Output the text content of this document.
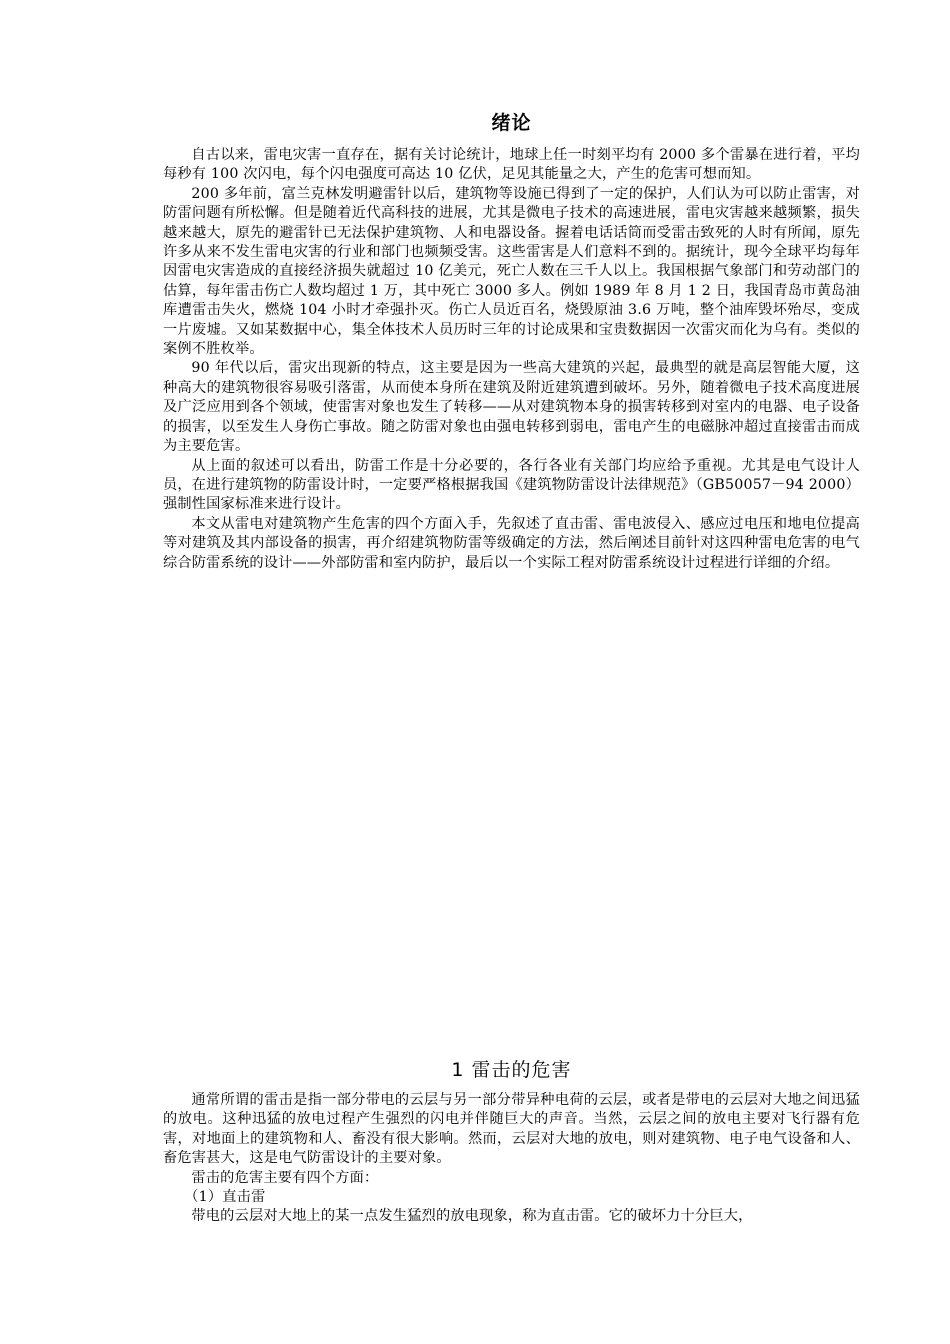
绪论

自古以来，雷电灾害一直存在，据有关讨论统计，地球上任一时刻平均有 2000 多个雷暴在进行着，平均每秒有 100 次闪电，每个闪电强度可高达 10 亿伏，足见其能量之大，产生的危害可想而知。

200 多年前，富兰克林发明避雷针以后，建筑物等设施已得到了一定的保护，人们认为可以防止雷害，对防雷问题有所松懈。但是随着近代高科技的进展，尤其是微电子技术的高速进展，雷电灾害越来越频繁，损失越来越大，原先的避雷针已无法保护建筑物、人和电器设备。握着电话话筒而受雷击致死的人时有所闻，原先许多从来不发生雷电灾害的行业和部门也频频受害。这些雷害是人们意料不到的。据统计，现今全球平均每年因雷电灾害造成的直接经济损失就超过 10 亿美元，死亡人数在三千人以上。我国根据气象部门和劳动部门的估算，每年雷击伤亡人数均超过 1 万，其中死亡 3000 多人。例如 1989 年 8 月 1 2 日，我国青岛市黄岛油库遭雷击失火，燃烧 104 小时才牵强扑灭。伤亡人员近百名，烧毁原油 3.6 万吨，整个油库毁坏殆尽，变成一片废墟。又如某数据中心，集全体技术人员历时三年的讨论成果和宝贵数据因一次雷灾而化为乌有。类似的案例不胜枚举。

90 年代以后，雷灾出现新的特点，这主要是因为一些高大建筑的兴起，最典型的就是高层智能大厦，这种高大的建筑物很容易吸引落雷，从而使本身所在建筑及附近建筑遭到破坏。另外，随着微电子技术高度进展及广泛应用到各个领域，使雷害对象也发生了转移——从对建筑物本身的损害转移到对室内的电器、电子设备的损害，以至发生人身伤亡事故。随之防雷对象也由强电转移到弱电，雷电产生的电磁脉冲超过直接雷击而成为主要危害。

从上面的叙述可以看出，防雷工作是十分必要的，各行各业有关部门均应给予重视。尤其是电气设计人员，在进行建筑物的防雷设计时，一定要严格根据我国《建筑物防雷设计法律规范》（GB50057－94 2000）强制性国家标准来进行设计。

本文从雷电对建筑物产生危害的四个方面入手，先叙述了直击雷、雷电波侵入、感应过电压和地电位提高等对建筑及其内部设备的损害，再介绍建筑物防雷等级确定的方法，然后阐述目前针对这四种雷电危害的电气综合防雷系统的设计——外部防雷和室内防护，最后以一个实际工程对防雷系统设计过程进行详细的介绍。

1 雷击的危害

通常所谓的雷击是指一部分带电的云层与另一部分带异种电荷的云层，或者是带电的云层对大地之间迅猛的放电。这种迅猛的放电过程产生强烈的闪电并伴随巨大的声音。当然，云层之间的放电主要对飞行器有危害，对地面上的建筑物和人、畜没有很大影响。然而，云层对大地的放电，则对建筑物、电子电气设备和人、畜危害甚大，这是电气防雷设计的主要对象。

雷击的危害主要有四个方面：

（1）直击雷

带电的云层对大地上的某一点发生猛烈的放电现象，称为直击雷。它的破坏力十分巨大，
